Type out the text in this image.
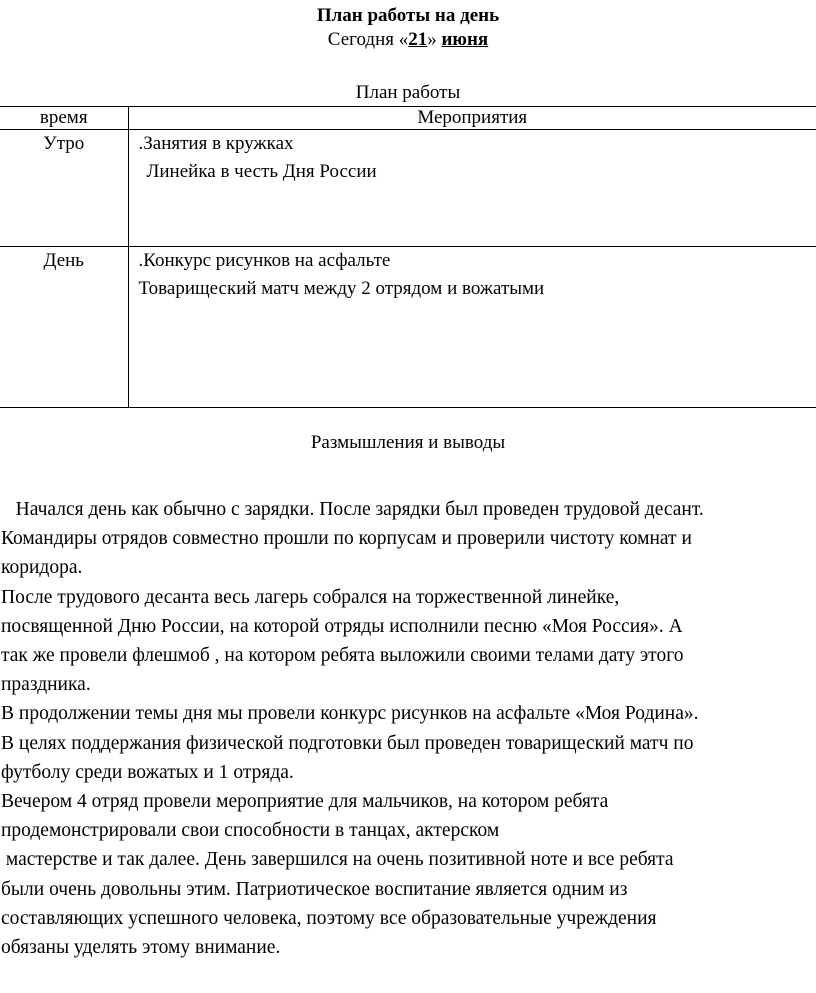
План работы на день
Сегодня «21» июня
План работы
время	Мероприятия
Утро	.Занятия в кружках
Линейка в честь Дня России

День	.Конкурс рисунков на асфальте
Товарищеский матч между 2 отрядом и вожатыми
Размышления и выводы

Начался день как обычно с зарядки. После зарядки был проведен трудовой десант.

Командиры отрядов совместно прошли по корпусам и проверили чистоту комнат и

коридора.

После трудового десанта весь лагерь собрался на торжественной линейке,

посвященной Дню России, на которой отряды исполнили песню «Моя Россия». А

так же провели флешмоб , на котором ребята выложили своими телами дату этого

праздника.

В продолжении темы дня мы провели конкурс рисунков на асфальте «Моя Родина».

В целях поддержания физической подготовки был проведен товарищеский матч по

футболу среди вожатых и 1 отряда.

Вечером 4 отряд провели мероприятие для мальчиков, на котором ребята

продемонстрировали свои способности в танцах, актерском

мастерстве и так далее. День завершился на очень позитивной ноте и все ребята

были очень довольны этим. Патриотическое воспитание является одним из

составляющих успешного человека, поэтому все образовательные учреждения

обязаны уделять этому внимание.
